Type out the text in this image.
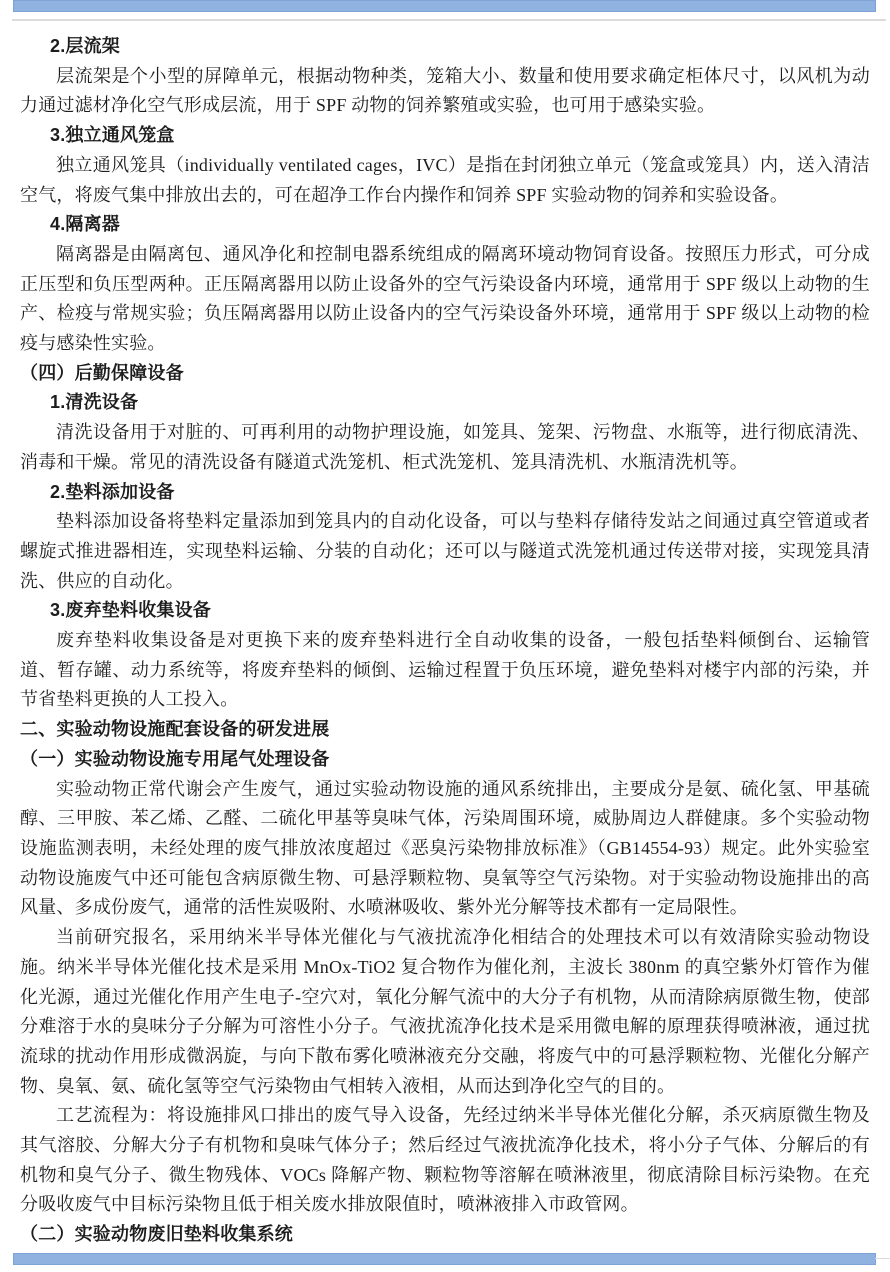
2.层流架

层流架是个小型的屏障单元，根据动物种类，笼箱大小、数量和使用要求确定柜体尺寸，以风机为动力通过滤材净化空气形成层流，用于 SPF 动物的饲养繁殖或实验，也可用于感染实验。

3.独立通风笼盒

独立通风笼具（individually ventilated cages，IVC）是指在封闭独立单元（笼盒或笼具）内，送入清洁空气，将废气集中排放出去的，可在超净工作台内操作和饲养 SPF 实验动物的饲养和实验设备。

4.隔离器

隔离器是由隔离包、通风净化和控制电器系统组成的隔离环境动物饲育设备。按照压力形式，可分成正压型和负压型两种。正压隔离器用以防止设备外的空气污染设备内环境，通常用于 SPF 级以上动物的生产、检疫与常规实验；负压隔离器用以防止设备内的空气污染设备外环境，通常用于 SPF 级以上动物的检疫与感染性实验。

（四）后勤保障设备
1.清洗设备

清洗设备用于对脏的、可再利用的动物护理设施，如笼具、笼架、污物盘、水瓶等，进行彻底清洗、消毒和干燥。常见的清洗设备有隧道式洗笼机、柜式洗笼机、笼具清洗机、水瓶清洗机等。

2.垫料添加设备

垫料添加设备将垫料定量添加到笼具内的自动化设备，可以与垫料存储待发站之间通过真空管道或者螺旋式推进器相连，实现垫料运输、分装的自动化；还可以与隧道式洗笼机通过传送带对接，实现笼具清洗、供应的自动化。

3.废弃垫料收集设备

废弃垫料收集设备是对更换下来的废弃垫料进行全自动收集的设备，一般包括垫料倾倒台、运输管道、暂存罐、动力系统等，将废弃垫料的倾倒、运输过程置于负压环境，避免垫料对楼宇内部的污染，并节省垫料更换的人工投入。

二、实验动物设施配套设备的研发进展
（一）实验动物设施专用尾气处理设备

实验动物正常代谢会产生废气，通过实验动物设施的通风系统排出，主要成分是氨、硫化氢、甲基硫醇、三甲胺、苯乙烯、乙醛、二硫化甲基等臭味气体，污染周围环境，威胁周边人群健康。多个实验动物设施监测表明，未经处理的废气排放浓度超过《恶臭污染物排放标准》（GB14554-93）规定。此外实验室动物设施废气中还可能包含病原微生物、可悬浮颗粒物、臭氧等空气污染物。对于实验动物设施排出的高风量、多成份废气，通常的活性炭吸附、水喷淋吸收、紫外光分解等技术都有一定局限性。

当前研究报名，采用纳米半导体光催化与气液扰流净化相结合的处理技术可以有效清除实验动物设施。纳米半导体光催化技术是采用 MnOx-TiO2 复合物作为催化剂，主波长 380nm 的真空紫外灯管作为催化光源，通过光催化作用产生电子-空穴对，氧化分解气流中的大分子有机物，从而清除病原微生物，使部分难溶于水的臭味分子分解为可溶性小分子。气液扰流净化技术是采用微电解的原理获得喷淋液，通过扰流球的扰动作用形成微涡旋，与向下散布雾化喷淋液充分交融，将废气中的可悬浮颗粒物、光催化分解产物、臭氧、氨、硫化氢等空气污染物由气相转入液相，从而达到净化空气的目的。

工艺流程为：将设施排风口排出的废气导入设备，先经过纳米半导体光催化分解，杀灭病原微生物及其气溶胶、分解大分子有机物和臭味气体分子；然后经过气液扰流净化技术，将小分子气体、分解后的有机物和臭气分子、微生物残体、VOCs 降解产物、颗粒物等溶解在喷淋液里，彻底清除目标污染物。在充分吸收废气中目标污染物且低于相关废水排放限值时，喷淋液排入市政管网。

（二）实验动物废旧垫料收集系统
